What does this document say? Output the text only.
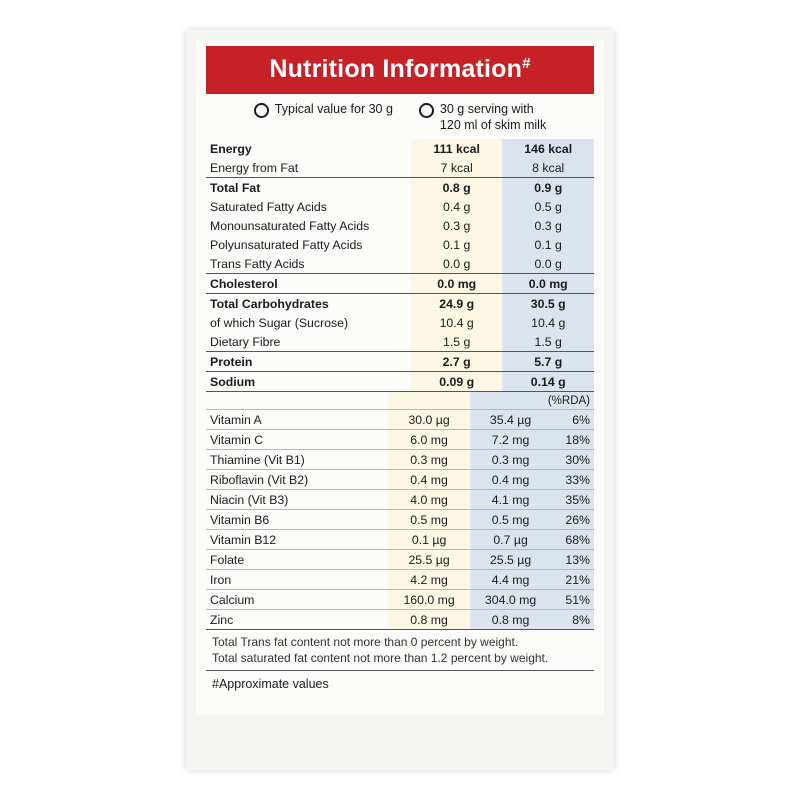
Nutrition Information#
Typical value for 30 g	30 g serving with
120 ml of skim milk
Energy	111 kcal	146 kcal
Energy from Fat	7 kcal	8 kcal
Total Fat	0.8 g	0.9 g
Saturated Fatty Acids	0.4 g	0.5 g
Monounsaturated Fatty Acids	0.3 g	0.3 g
Polyunsaturated Fatty Acids	0.1 g	0.1 g
Trans Fatty Acids	0.0 g	0.0 g
Cholesterol	0.0 mg	0.0 mg
Total Carbohydrates	24.9 g	30.5 g
of which Sugar (Sucrose)	10.4 g	10.4 g
Dietary Fibre	1.5 g	1.5 g
Protein	2.7 g	5.7 g
Sodium	0.09 g	0.14 g
		(%RDA)	
Vitamin A	30.0 µg	35.4 µg	6%
Vitamin C	6.0 mg	7.2 mg	18%
Thiamine (Vit B1)	0.3 mg	0.3 mg	30%
Riboflavin (Vit B2)	0.4 mg	0.4 mg	33%
Niacin (Vit B3)	4.0 mg	4.1 mg	35%
Vitamin B6	0.5 mg	0.5 mg	26%
Vitamin B12	0.1 µg	0.7 µg	68%
Folate	25.5 µg	25.5 µg	13%
Iron	4.2 mg	4.4 mg	21%
Calcium	160.0 mg	304.0 mg	51%
Zinc	0.8 mg	0.8 mg	8%
Total Trans fat content not more than 0 percent by weight.
Total saturated fat content not more than 1.2 percent by weight.
#Approximate values
